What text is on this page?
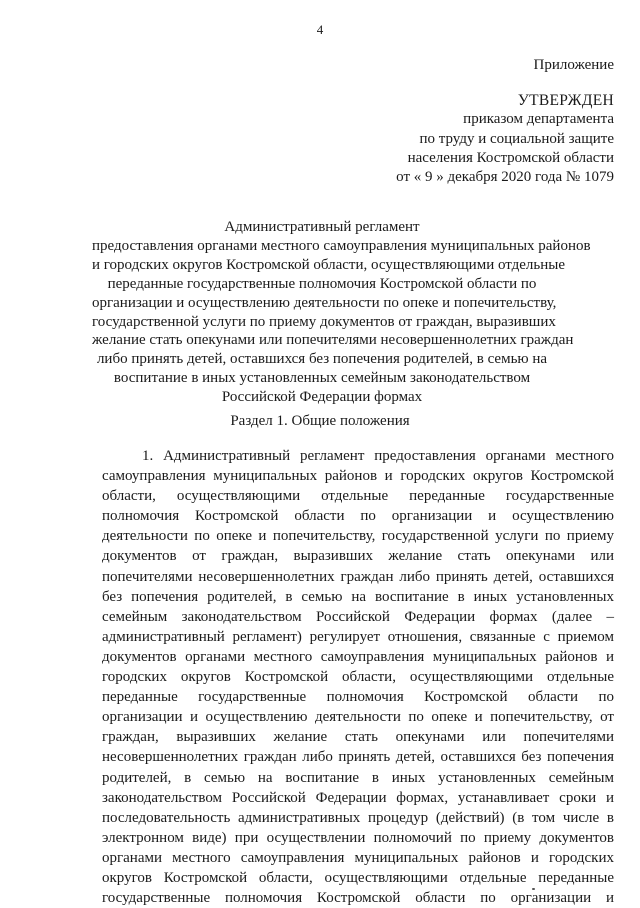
4
Приложение
УТВЕРЖДЕН
приказом департамента
по труду и социальной защите
населения Костромской области
от « 9 » декабря 2020 года № 1079
Административный регламент
предоставления органами местного самоуправления муниципальных районов
и городских округов Костромской области, осуществляющими отдельные
переданные государственные полномочия Костромской области по
организации и осуществлению деятельности по опеке и попечительству,
государственной услуги по приему документов от граждан, выразивших
желание стать опекунами или попечителями несовершеннолетних граждан
либо принять детей, оставшихся без попечения родителей, в семью на
воспитание в иных установленных семейным законодательством
Российской Федерации формах
Раздел 1. Общие положения
1. Административный регламент предоставления органами местного
самоуправления муниципальных районов и городских округов Костромской
области, осуществляющими отдельные переданные государственные
полномочия Костромской области по организации и осуществлению
деятельности по опеке и попечительству, государственной услуги по приему
документов от граждан, выразивших желание стать опекунами или
попечителями несовершеннолетних граждан либо принять детей, оставшихся
без попечения родителей, в семью на воспитание в иных установленных
семейным законодательством Российской Федерации формах (далее –
административный регламент) регулирует отношения, связанные с приемом
документов органами местного самоуправления муниципальных районов и
городских округов Костромской области, осуществляющими отдельные
переданные государственные полномочия Костромской области по
организации и осуществлению деятельности по опеке и попечительству, от
граждан, выразивших желание стать опекунами или попечителями
несовершеннолетних граждан либо принять детей, оставшихся без попечения
родителей, в семью на воспитание в иных установленных семейным
законодательством Российской Федерации формах, устанавливает сроки и
последовательность административных процедур (действий) (в том числе в
электронном виде) при осуществлении полномочий по приему документов
органами местного самоуправления муниципальных районов и городских
округов Костромской области, осуществляющими отдельные переданные
государственные полномочия Костромской области по организации и
